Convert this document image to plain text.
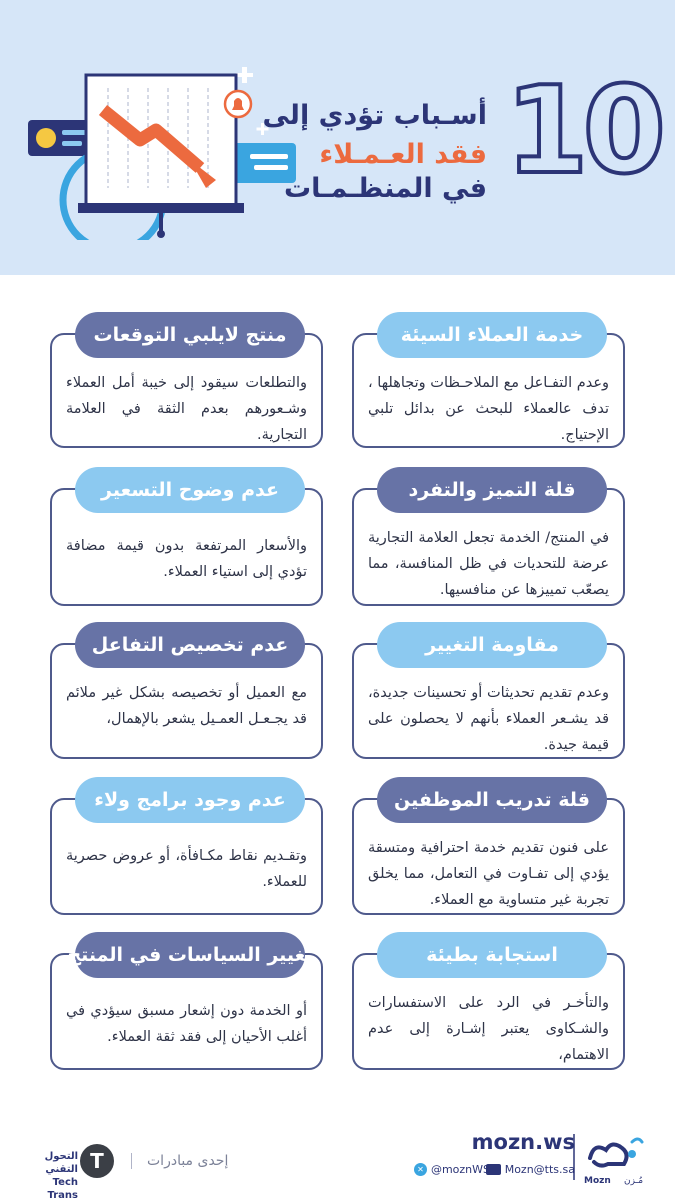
10
أسـباب تؤدي إلى
فقد العـمـلاء
في المنظـمـات
خدمة العملاء السيئة
وعدم التفـاعل مع الملاحـظات وتجاهلها ، تدف عالعملاء للبحث عن بدائل تلبي الإحتياج.
قلة التميز والتفرد
في المنتج/ الخدمة تجعل العلامة التجارية عرضة للتحديات في ظل المنافسة، مما يصعّب تمييزها عن منافسيها.
مقاومة التغيير
وعدم تقديم تحديثات أو تحسينات جديدة، قد يشـعر العملاء بأنهم لا يحصلون على قيمة جيدة.
قلة تدريب الموظفين
على فنون تقديم خدمة احترافية ومتسقة يؤدي إلى تفـاوت في التعامل، مما يخلق تجربة غير متساوية مع العملاء.
استجابة بطيئة
والتأخـر في الرد على الاستفسارات والشـكاوى يعتبر إشـارة إلى عدم الاهتمام،
منتج لايلبي التوقعات
والتطلعات سيقود إلى خيبة أمل العملاء وشـعورهم بعدم الثقة في العلامة التجارية.
عدم وضوح التسعير
والأسعار المرتفعة بدون قيمة مضافة تؤدي إلى استياء العملاء.
عدم تخصيص التفاعل
مع العميل أو تخصيصه بشكل غير ملائم قد يجـعـل العمـيل يشعر بالإهمال،
عدم وجود برامج ولاء
وتقـديم نقاط مكـافأة، أو عروض حصرية للعملاء.
تغيير السياسات في المنتج
أو الخدمة دون إشعار مسبق سيؤدي في أغلب الأحيان إلى فقد ثقة العملاء.
Mozn مُـزن
mozn.ws
Mozn@tts.sa
✕ @moznWS
إحدى مبادرات
التحول التقني
Tech Trans
T
